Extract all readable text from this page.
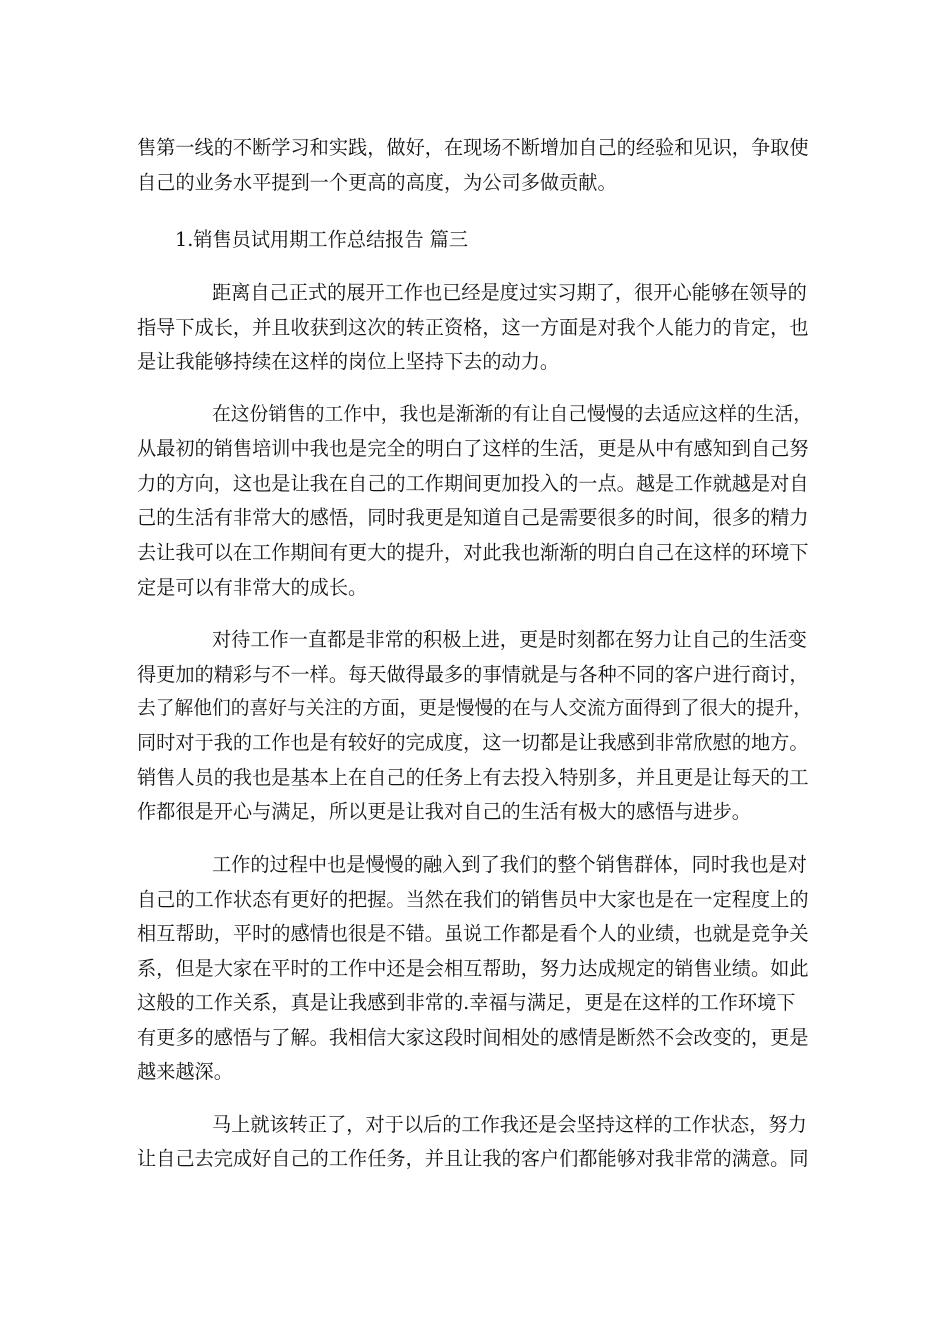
售第一线的不断学习和实践，做好，在现场不断增加自己的经验和见识，争取使
自己的业务水平提到一个更高的高度，为公司多做贡献。
1.销售员试用期工作总结报告 篇三
距离自己正式的展开工作也已经是度过实习期了，很开心能够在领导的
指导下成长，并且收获到这次的转正资格，这一方面是对我个人能力的肯定，也
是让我能够持续在这样的岗位上坚持下去的动力。
在这份销售的工作中，我也是渐渐的有让自己慢慢的去适应这样的生活，
从最初的销售培训中我也是完全的明白了这样的生活，更是从中有感知到自己努
力的方向，这也是让我在自己的工作期间更加投入的一点。越是工作就越是对自
己的生活有非常大的感悟，同时我更是知道自己是需要很多的时间，很多的精力
去让我可以在工作期间有更大的提升，对此我也渐渐的明白自己在这样的环境下
定是可以有非常大的成长。
对待工作一直都是非常的积极上进，更是时刻都在努力让自己的生活变
得更加的精彩与不一样。每天做得最多的事情就是与各种不同的客户进行商讨，
去了解他们的喜好与关注的方面，更是慢慢的在与人交流方面得到了很大的提升，
同时对于我的工作也是有较好的完成度，这一切都是让我感到非常欣慰的地方。
销售人员的我也是基本上在自己的任务上有去投入特别多，并且更是让每天的工
作都很是开心与满足，所以更是让我对自己的生活有极大的感悟与进步。
工作的过程中也是慢慢的融入到了我们的整个销售群体，同时我也是对
自己的工作状态有更好的把握。当然在我们的销售员中大家也是在一定程度上的
相互帮助，平时的感情也很是不错。虽说工作都是看个人的业绩，也就是竞争关
系，但是大家在平时的工作中还是会相互帮助，努力达成规定的销售业绩。如此
这般的工作关系，真是让我感到非常的.幸福与满足，更是在这样的工作环境下
有更多的感悟与了解。我相信大家这段时间相处的感情是断然不会改变的，更是
越来越深。
马上就该转正了，对于以后的工作我还是会坚持这样的工作状态，努力
让自己去完成好自己的工作任务，并且让我的客户们都能够对我非常的满意。同
